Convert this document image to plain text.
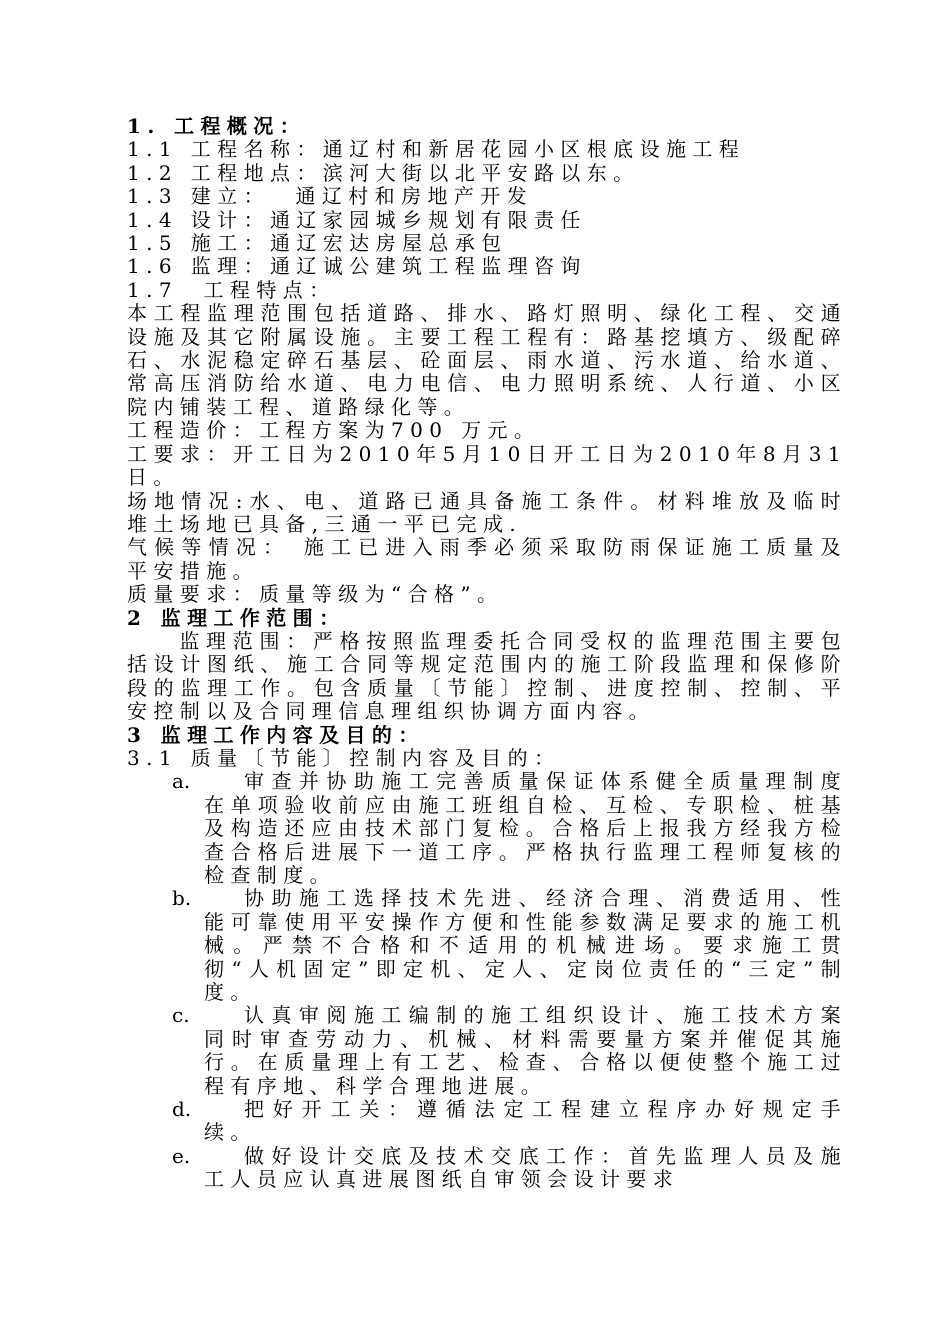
1. 工程概况：
1.1 工程名称：通辽村和新居花园小区根底设施工程
1.2 工程地点：滨河大街以北平安路以东。
1.3 建立：  通辽村和房地产开发
1.4 设计：通辽家园城乡规划有限责任
1.5 施工：通辽宏达房屋总承包
1.6 监理：通辽诚公建筑工程监理咨询
1.7  工程特点：
本工程监理范围包括道路、排水、路灯照明、绿化工程、交通设施及其它附属设施。主要工程工程有：路基挖填方、级配碎石、水泥稳定碎石基层、砼面层、雨水道、污水道、给水道、常高压消防给水道、电力电信、电力照明系统、人行道、小区院内铺装工程、道路绿化等。
工程造价：工程方案为700 万元。
工要求：开工日为2010年5月10日开工日为2010年8月31日。
场地情况:水、电、道路已通具备施工条件。材料堆放及临时堆土场地已具备,三通一平已完成.
气候等情况： 施工已进入雨季必须采取防雨保证施工质量及平安措施。
质量要求：质量等级为“合格”。
2 监理工作范围：
监理范围：严格按照监理委托合同受权的监理范围主要包括设计图纸、施工合同等规定范围内的施工阶段监理和保修阶段的监理工作。包含质量〔节能〕控制、进度控制、控制、平安控制以及合同理信息理组织协调方面内容。
3 监理工作内容及目的：
3.1 质量〔节能〕控制内容及目的：
a.	审查并协助施工完善质量保证体系健全质量理制度在单项验收前应由施工班组自检、互检、专职检、桩基及构造还应由技术部门复检。合格后上报我方经我方检查合格后进展下一道工序。严格执行监理工程师复核的检查制度。
b.	协助施工选择技术先进、经济合理、消费适用、性能可靠使用平安操作方便和性能参数满足要求的施工机械。严禁不合格和不适用的机械进场。要求施工贯彻“人机固定”即定机、定人、定岗位责任的“三定”制度。
c.	认真审阅施工编制的施工组织设计、施工技术方案同时审查劳动力、机械、材料需要量方案并催促其施行。在质量理上有工艺、检查、合格以便使整个施工过程有序地、科学合理地进展。
d.	把好开工关：遵循法定工程建立程序办好规定手续。
e.	做好设计交底及技术交底工作：首先监理人员及施工人员应认真进展图纸自审领会设计要求
